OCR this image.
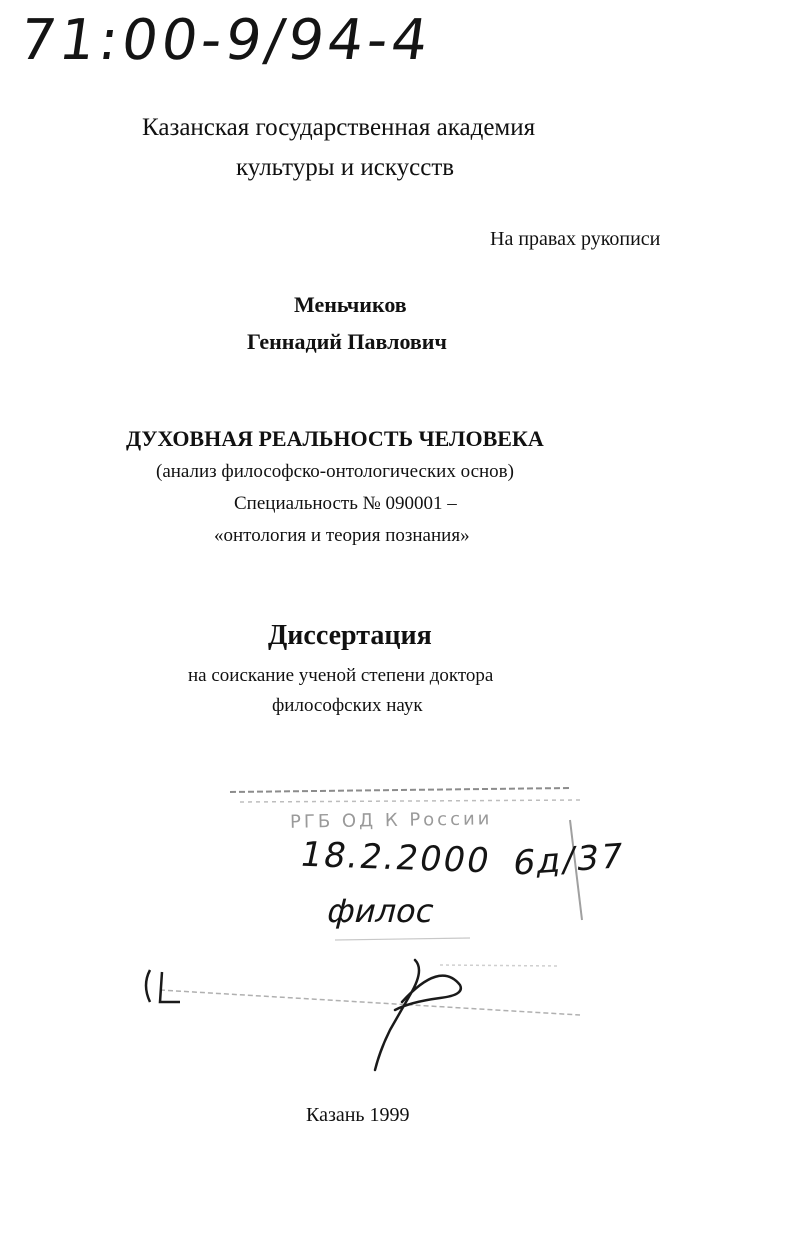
71:00-9/94-4
Казанская государственная академия
культуры и искусств
На правах рукописи
Меньчиков
Геннадий Павлович
ДУХОВНАЯ РЕАЛЬНОСТЬ ЧЕЛОВЕКА
(анализ философско-онтологических основ)
Специальность № 090001 –
«онтология и теория познания»
Диссертация
на соискание ученой степени доктора
философских наук
РГБ ОД К России
18.2.2000 6д/37
филос
Казань 1999
